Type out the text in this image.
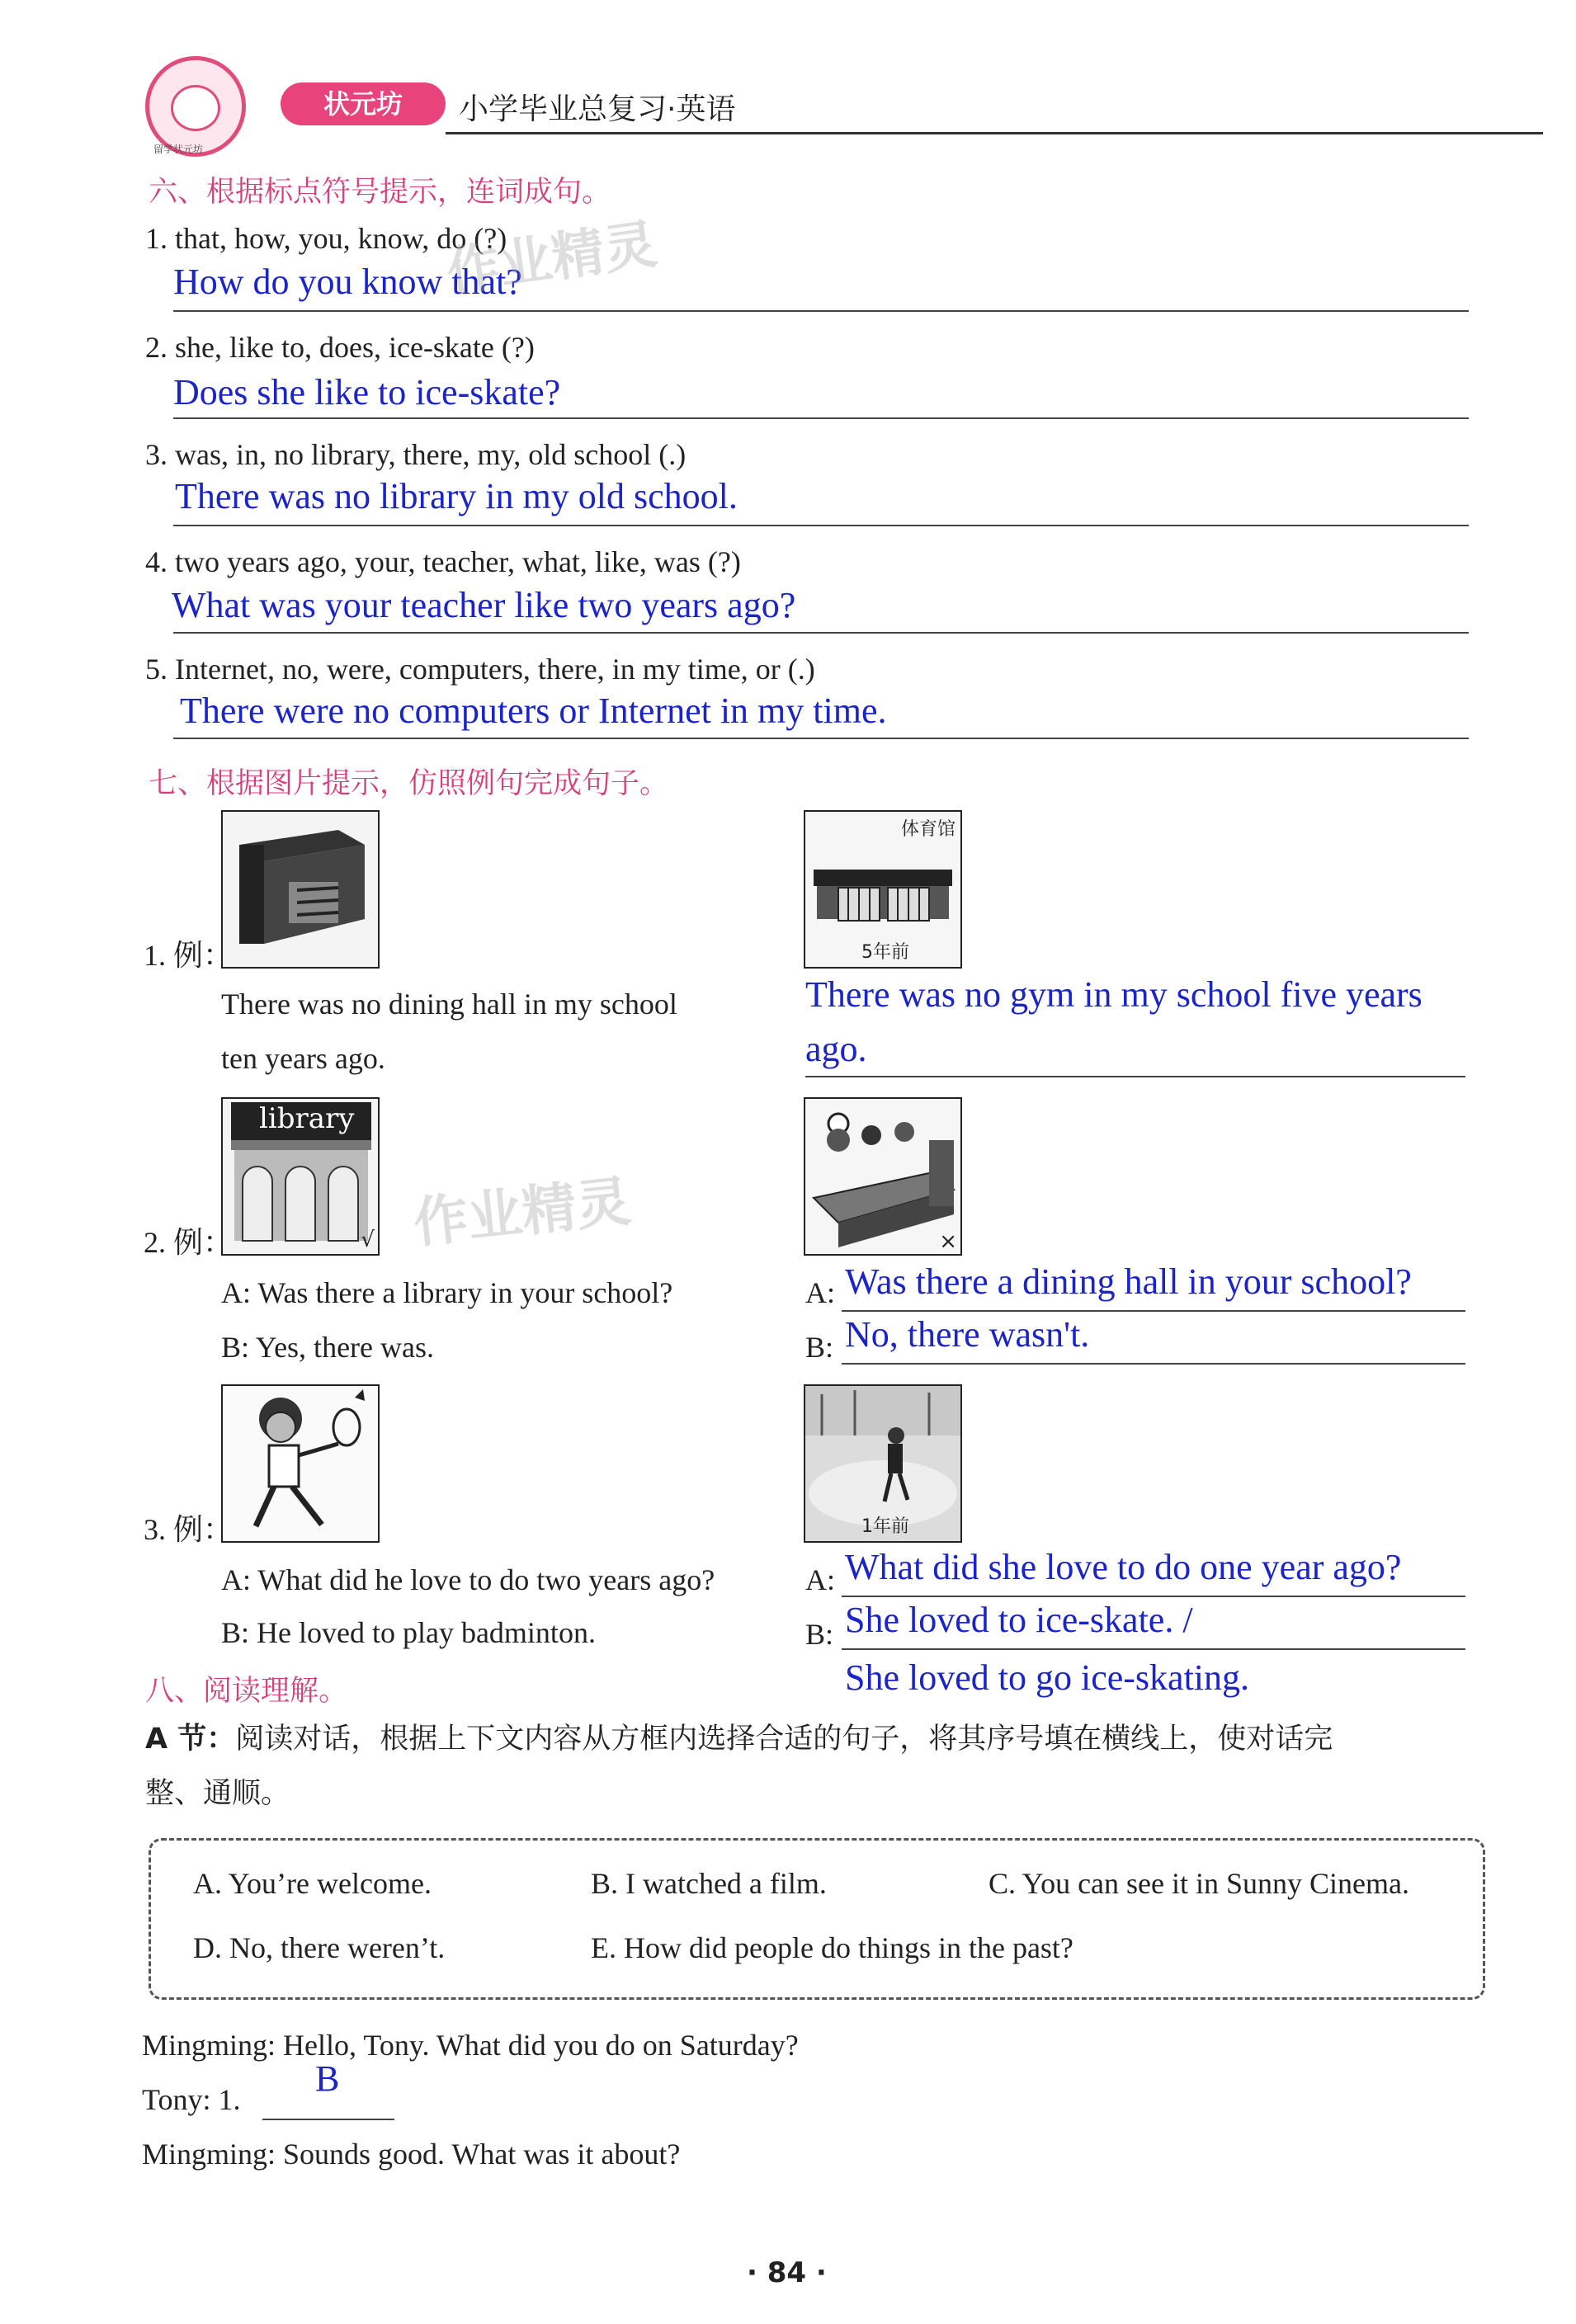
留学状元坊
状元坊	小学毕业总复习·英语
六、根据标点符号提示，连词成句。
1. that, how, you, know, do (?)
How do you know that?
2. she, like to, does, ice-skate (?)
Does she like to ice-skate?
3. was, in, no library, there, my, old school (.)
There was no library in my old school.
4. two years ago, your, teacher, what, like, was (?)
What was your teacher like two years ago?
5. Internet, no, were, computers, there, in my time, or (.)
There were no computers or Internet in my time.
作业精灵
七、根据图片提示，仿照例句完成句子。
1. 例：
There was no dining hall in my school
ten years ago.
体育馆
5年前
There was no gym in my school five years
ago.
library
√
2. 例：
A: Was there a library in your school?
B: Yes, there was.
作业精灵	×
A: Was there a dining hall in your school?
B: No, there wasn't.
3. 例：
A: What did he love to do two years ago?
B: He loved to play badminton.
1年前
A: What did she love to do one year ago?
B: She loved to ice-skate. /
She loved to go ice-skating.
八、阅读理解。
A 节：阅读对话，根据上下文内容从方框内选择合适的句子，将其序号填在横线上，使对话完
整、通顺。
A. You’re welcome.	B. I watched a film.	C. You can see it in Sunny Cinema.
D. No, there weren’t.	E. How did people do things in the past?
Mingming: Hello, Tony. What did you do on Saturday?
Tony: 1.
B
Mingming: Sounds good. What was it about?
· 84 ·
